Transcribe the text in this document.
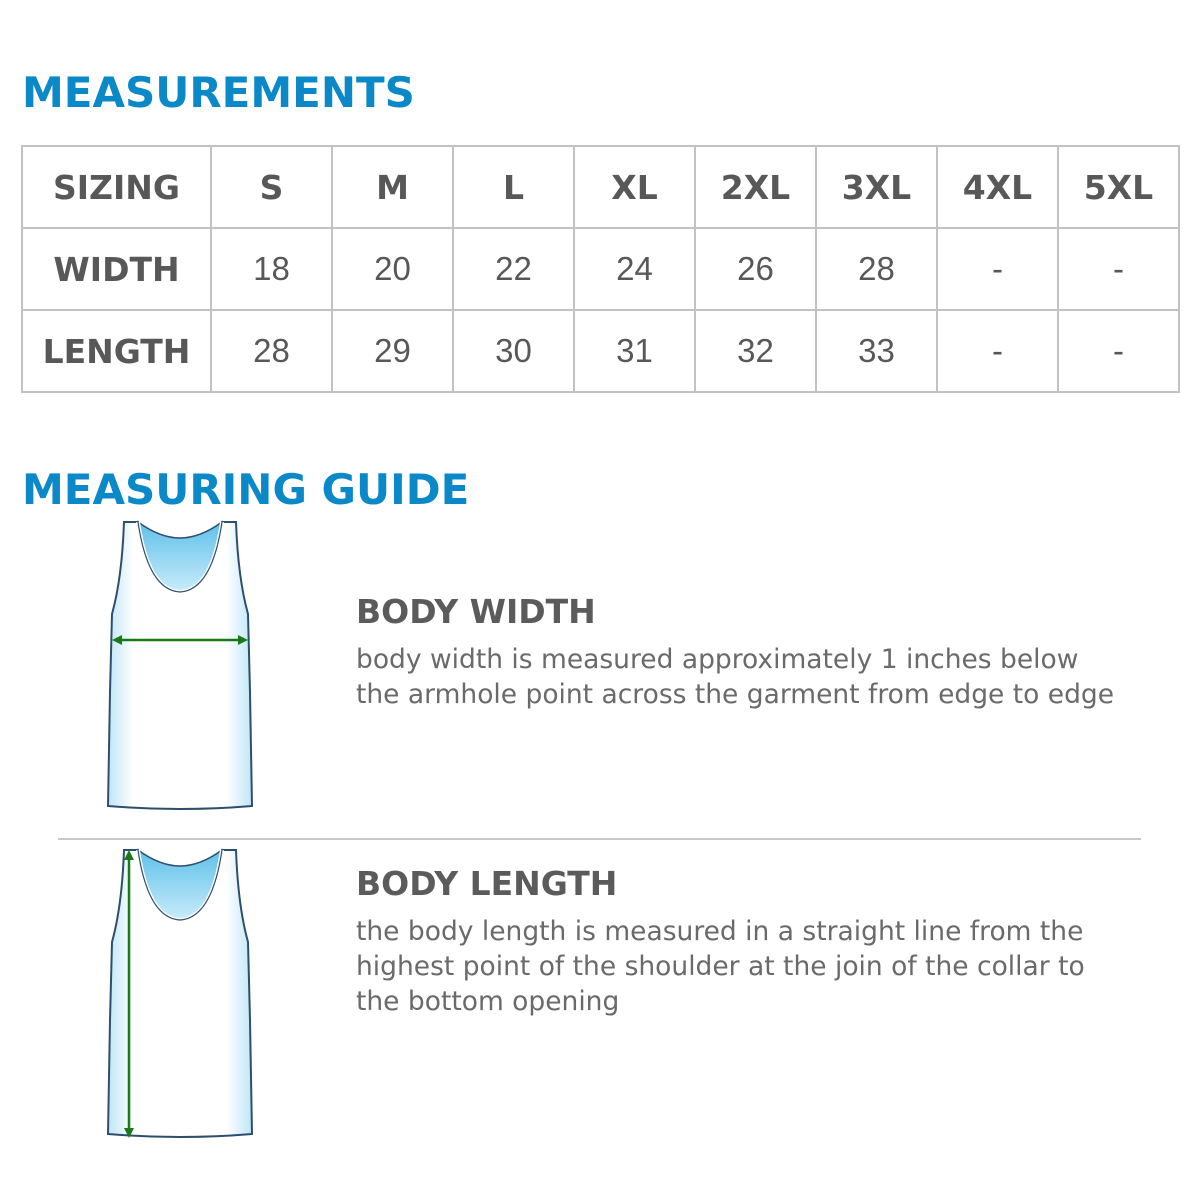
MEASUREMENTS
SIZING	S	M	L	XL	2XL	3XL	4XL	5XL
WIDTH	18	20	22	24	26	28	-	-
LENGTH	28	29	30	31	32	33	-	-
MEASURING GUIDE
BODY WIDTH

body width is measured approximately 1 inches below
the armhole point across the garment from edge to edge

BODY LENGTH

the body length is measured in a straight line from the
highest point of the shoulder at the join of the collar to
the bottom opening
